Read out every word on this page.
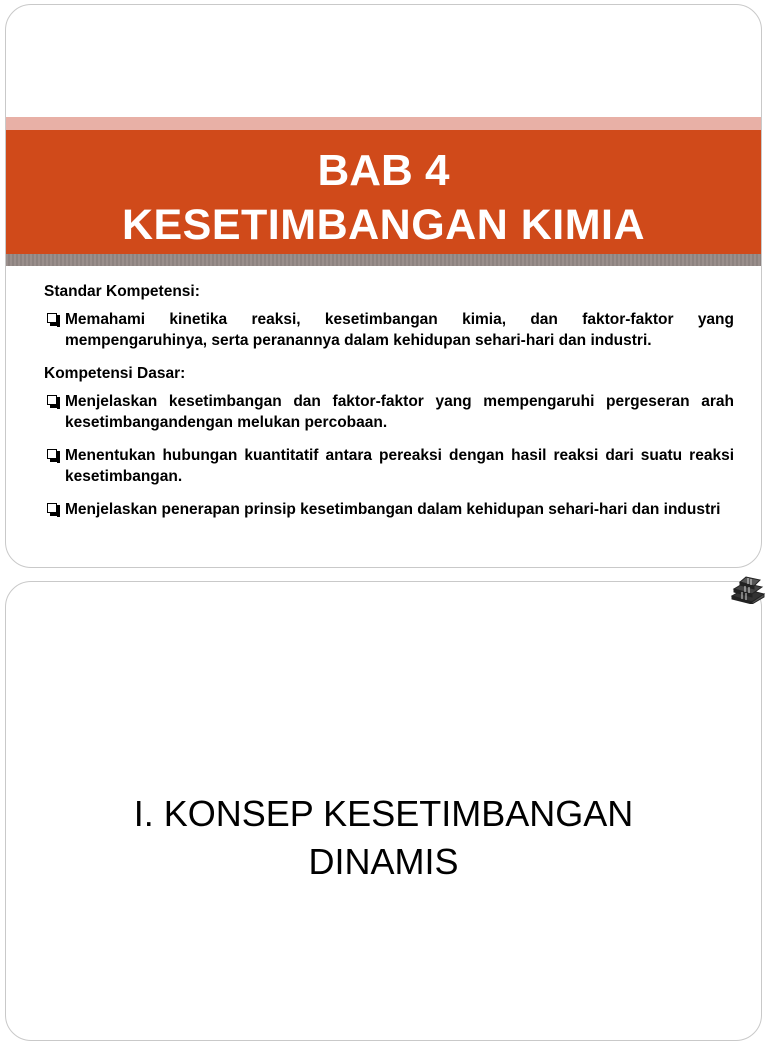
BAB 4
KESETIMBANGAN KIMIA
Standar Kompetensi:
Memahami kinetika reaksi, kesetimbangan kimia, dan faktor-faktor yang mempengaruhinya, serta peranannya dalam kehidupan sehari-hari dan industri.
Kompetensi Dasar:
Menjelaskan kesetimbangan dan faktor-faktor yang mempengaruhi pergeseran arah kesetimbangandengan melukan percobaan.
Menentukan hubungan kuantitatif antara pereaksi dengan hasil reaksi dari suatu reaksi kesetimbangan.
Menjelaskan penerapan prinsip kesetimbangan dalam kehidupan sehari-hari dan industri
I. KONSEP KESETIMBANGAN
DINAMIS
